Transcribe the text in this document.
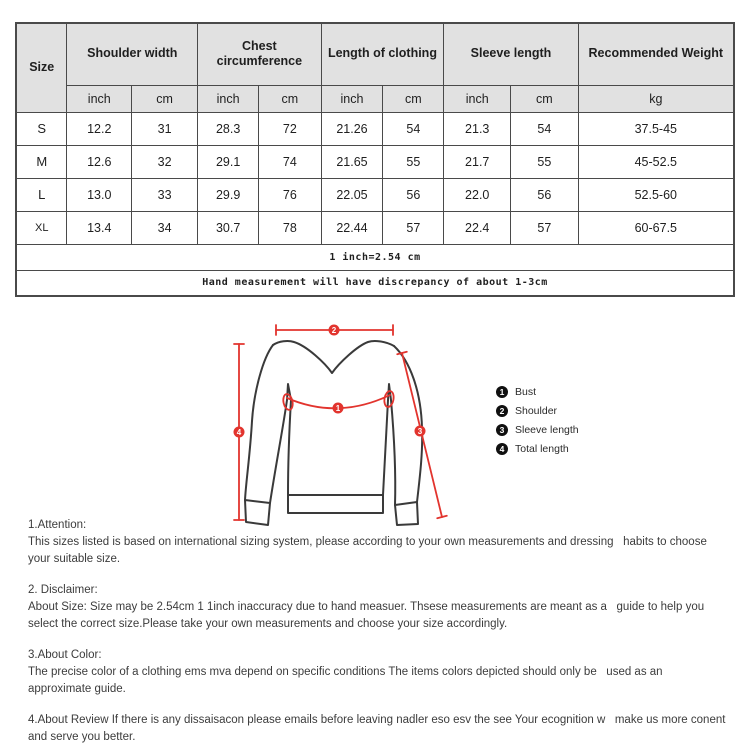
Size	Shoulder width		Chest circumference		Length of clothing		Sleeve length		Recommended Weight
	inch	cm	inch	cm	inch	cm	inch	cm	kg
S	12.2	31	28.3	72	21.26	54	21.3	54	37.5-45
M	12.6	32	29.1	74	21.65	55	21.7	55	45-52.5
L	13.0	33	29.9	76	22.05	56	22.0	56	52.5-60
XL	13.4	34	30.7	78	22.44	57	22.4	57	60-67.5
1 inch=2.54 cm									
Hand measurement will have discrepancy of about 1-3cm									
2
4	3
1
1	Bust
2	Shoulder
3	Sleeve length
4	Total length
1.Attention:
This sizes listed is based on international sizing system, please according to your own measurements and dressing   habits to choose your suitable size.
2. Disclaimer:
About Size: Size may be 2.54cm 1 1inch inaccuracy due to hand measuer. Thsese measurements are meant as a   guide to help you select the correct size.Please take your own measurements and choose your size accordingly.
3.About Color:
The precise color of a clothing ems mva depend on specific conditions The items colors depicted should only be   used as an approximate guide.
4.About Review If there is any dissaisacon please emails before leaving nadler eso esv the see Your ecognition w   make us more conent and serve you better.
